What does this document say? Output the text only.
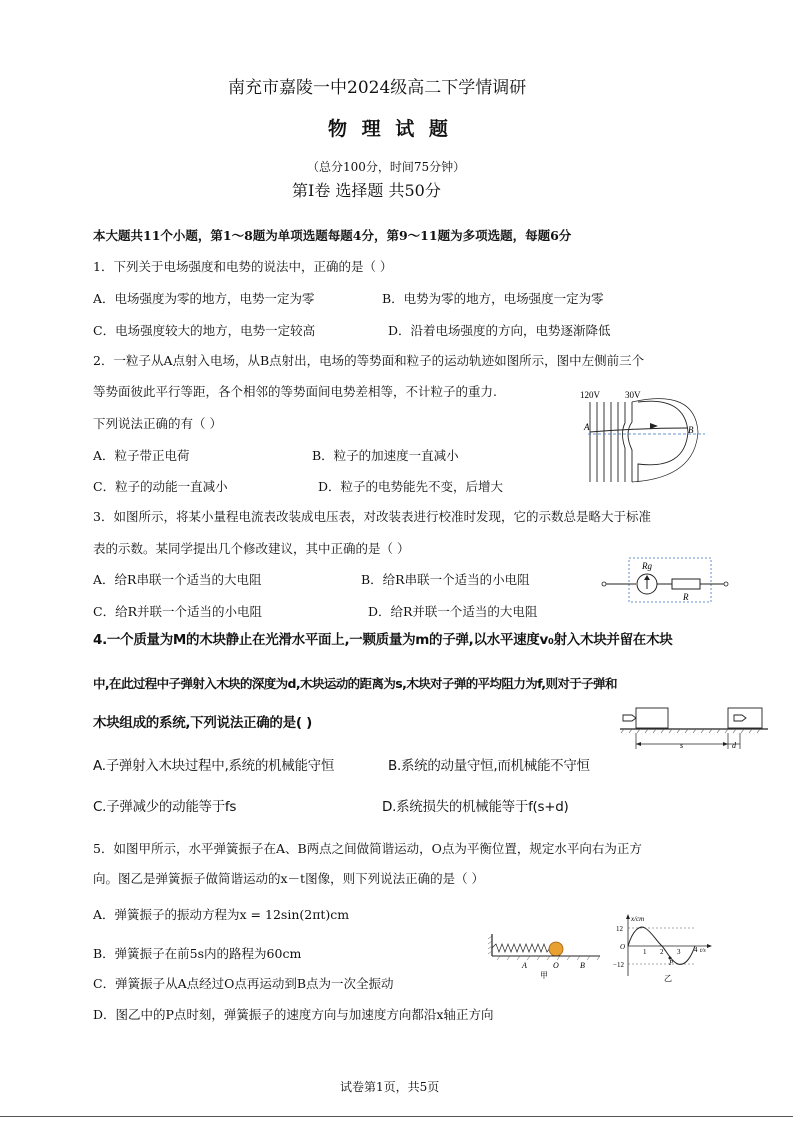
南充市嘉陵一中2024级高二下学情调研
物 理 试 题
（总分100分，时间75分钟）
第Ⅰ卷 选择题 共50分
本大题共11个小题，第1～8题为单项选题每题4分，第9～11题为多项选题，每题6分
1．下列关于电场强度和电势的说法中，正确的是（ ）
A．电场强度为零的地方，电势一定为零	B．电势为零的地方，电场强度一定为零
C．电场强度较大的地方，电势一定较高	D．沿着电场强度的方向，电势逐渐降低
2．一粒子从A点射入电场，从B点射出，电场的等势面和粒子的运动轨迹如图所示，图中左侧前三个
等势面彼此平行等距，各个相邻的等势面间电势差相等，不计粒子的重力.
下列说法正确的有（ ）
A．粒子带正电荷	B．粒子的加速度一直减小
C．粒子的动能一直减小	D．粒子的电势能先不变，后增大
120V	30V
A	B
3．如图所示，将某小量程电流表改装成电压表，对改装表进行校准时发现，它的示数总是略大于标准
表的示数。某同学提出几个修改建议，其中正确的是（ ）
A．给R串联一个适当的大电阻	B．给R串联一个适当的小电阻
C．给R并联一个适当的小电阻	D．给R并联一个适当的大电阻
Rg
R
4.一个质量为M的木块静止在光滑水平面上,一颗质量为m的子弹,以水平速度v₀射入木块并留在木块
中,在此过程中子弹射入木块的深度为d,木块运动的距离为s,木块对子弹的平均阻力为f,则对于子弹和
木块组成的系统,下列说法正确的是( )
A.子弹射入木块过程中,系统的机械能守恒	B.系统的动量守恒,而机械能不守恒
C.子弹减少的动能等于fs	D.系统损失的机械能等于f(s+d)
s	d
5．如图甲所示，水平弹簧振子在A、B两点之间做简谐运动，O点为平衡位置，规定水平向右为正方
向。图乙是弹簧振子做简谐运动的x－t图像，则下列说法正确的是（ ）
A．弹簧振子的振动方程为x = 12sin(2πt)cm
B．弹簧振子在前5s内的路程为60cm
C．弹簧振子从A点经过O点再运动到B点为一次全振动
D．图乙中的P点时刻，弹簧振子的速度方向与加速度方向都沿x轴正方向
A	O	B
甲
x/cm
12
−12
O
1 2 3 4 t/s
P
乙
试卷第1页，共5页
